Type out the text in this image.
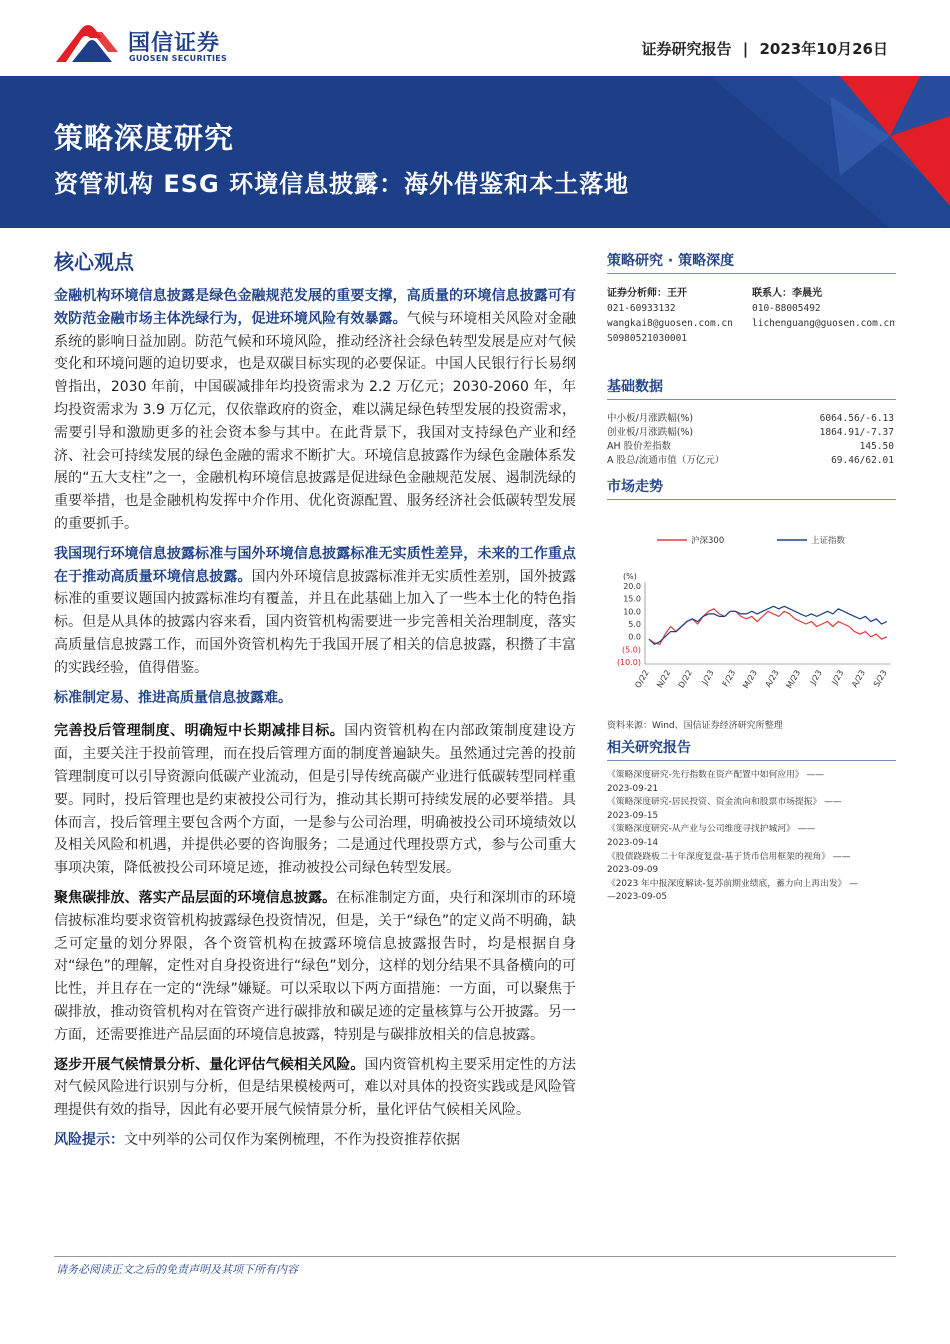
国信证券
GUOSEN SECURITIES
证券研究报告 | 2023年10月26日
策略深度研究
资管机构 ESG 环境信息披露：海外借鉴和本土落地
核心观点

金融机构环境信息披露是绿色金融规范发展的重要支撑，高质量的环境信息披露可有效防范金融市场主体洗绿行为，促进环境风险有效暴露。气候与环境相关风险对金融系统的影响日益加剧。防范气候和环境风险，推动经济社会绿色转型发展是应对气候变化和环境问题的迫切要求，也是双碳目标实现的必要保证。中国人民银行行长易纲曾指出，2030 年前，中国碳减排年均投资需求为 2.2 万亿元；2030-2060 年，年均投资需求为 3.9 万亿元，仅依靠政府的资金，难以满足绿色转型发展的投资需求，需要引导和激励更多的社会资本参与其中。在此背景下，我国对支持绿色产业和经济、社会可持续发展的绿色金融的需求不断扩大。环境信息披露作为绿色金融体系发展的“五大支柱”之一，金融机构环境信息披露是促进绿色金融规范发展、遏制洗绿的重要举措，也是金融机构发挥中介作用、优化资源配置、服务经济社会低碳转型发展的重要抓手。

我国现行环境信息披露标准与国外环境信息披露标准无实质性差异，未来的工作重点在于推动高质量环境信息披露。国内外环境信息披露标准并无实质性差别，国外披露标准的重要议题国内披露标准均有覆盖，并且在此基础上加入了一些本土化的特色指标。但是从具体的披露内容来看，国内资管机构需要进一步完善相关治理制度，落实高质量信息披露工作，而国外资管机构先于我国开展了相关的信息披露，积攒了丰富的实践经验，值得借鉴。

标准制定易、推进高质量信息披露难。

完善投后管理制度、明确短中长期减排目标。国内资管机构在内部政策制度建设方面，主要关注于投前管理，而在投后管理方面的制度普遍缺失。虽然通过完善的投前管理制度可以引导资源向低碳产业流动，但是引导传统高碳产业进行低碳转型同样重要。同时，投后管理也是约束被投公司行为，推动其长期可持续发展的必要举措。具体而言，投后管理主要包含两个方面，一是参与公司治理，明确被投公司环境绩效以及相关风险和机遇，并提供必要的咨询服务；二是通过代理投票方式，参与公司重大事项决策，降低被投公司环境足迹，推动被投公司绿色转型发展。

聚焦碳排放、落实产品层面的环境信息披露。在标准制定方面，央行和深圳市的环境信披标准均要求资管机构披露绿色投资情况，但是，关于“绿色”的定义尚不明确，缺乏可定量的划分界限，各个资管机构在披露环境信息披露报告时，均是根据自身对“绿色”的理解，定性对自身投资进行“绿色”划分，这样的划分结果不具备横向的可比性，并且存在一定的“洗绿”嫌疑。可以采取以下两方面措施：一方面，可以聚焦于碳排放，推动资管机构对在管资产进行碳排放和碳足迹的定量核算与公开披露。另一方面，还需要推进产品层面的环境信息披露，特别是与碳排放相关的信息披露。

逐步开展气候情景分析、量化评估气候相关风险。国内资管机构主要采用定性的方法对气候风险进行识别与分析，但是结果模棱两可，难以对具体的投资实践或是风险管理提供有效的指导，因此有必要开展气候情景分析，量化评估气候相关风险。

风险提示：文中列举的公司仅作为案例梳理，不作为投资推荐依据

策略研究 · 策略深度
证券分析师：王开
021-60933132
wangkai8@guosen.com.cn
S0980521030001
联系人：李晨光
010-88005492
lichenguang@guosen.com.cn
基础数据
中小板/月涨跌幅(%)	6064.56/-6.13
创业板/月涨跌幅(%)	1864.91/-7.37
AH 股价差指数	145.50
A 股总/流通市值（万亿元）	69.46/62.01
市场走势
沪深300	上证指数
(%)
20.0
15.0
10.0
5.0
0.0
(5.0)
(10.0)
O/22 N/22 D/22 J/23 F/23 M/23 A/23 M/23 J/23 J/23 A/23 S/23
资料来源：Wind、国信证券经济研究所整理
相关研究报告
《策略深度研究-先行指数在资产配置中如何应用》 ——
2023-09-21
《策略深度研究-居民投资、资金流向和股票市场提振》 ——
2023-09-15
《策略深度研究-从产业与公司维度寻找护城河》 ——
2023-09-14
《股债跷跷板二十年深度复盘-基于货币信用框架的视角》 ——
2023-09-09
《2023 年中报深度解读-复苏前期业绩底，蓄力向上再出发》 —
—2023-09-05
请务必阅读正文之后的免责声明及其项下所有内容
